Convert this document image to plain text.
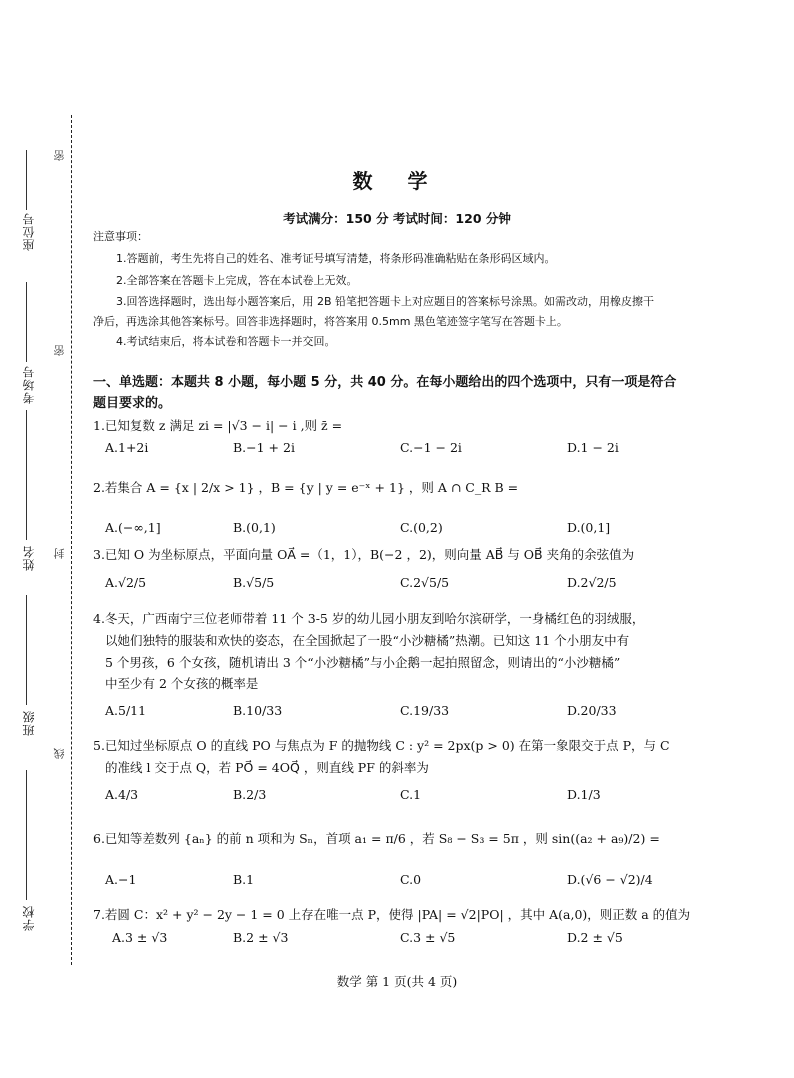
座位号
考场号
姓名
班级
学校
密
密
封
线
数 学
考试满分：150 分 考试时间：120 分钟
注意事项：
1.答题前，考生先将自己的姓名、准考证号填写清楚，将条形码准确粘贴在条形码区域内。
2.全部答案在答题卡上完成，答在本试卷上无效。
3.回答选择题时，选出每小题答案后，用 2B 铅笔把答题卡上对应题目的答案标号涂黑。如需改动，用橡皮擦干
净后，再选涂其他答案标号。回答非选择题时，将答案用 0.5mm 黑色笔迹签字笔写在答题卡上。
4.考试结束后，将本试卷和答题卡一并交回。
一、单选题：本题共 8 小题，每小题 5 分，共 40 分。在每小题给出的四个选项中，只有一项是符合
题目要求的。
1.已知复数 z 满足 zi = |√3 − i| − i ,则 z̄ =
A.1+2i	B.−1 + 2i	C.−1 − 2i	D.1 − 2i
2.若集合 A = {x | 2/x > 1} ，B = {y | y = e⁻ˣ + 1} ，则 A ∩ C_R B =
A.(−∞,1]	B.(0,1)	C.(0,2)	D.(0,1]
3.已知 O 为坐标原点，平面向量 OA⃗ =（1，1），B(−2 ，2)，则向量 AB⃗ 与 OB⃗ 夹角的余弦值为
A.√2/5	B.√5/5	C.2√5/5	D.2√2/5
4.冬天，广西南宁三位老师带着 11 个 3-5 岁的幼儿园小朋友到哈尔滨研学，一身橘红色的羽绒服，
以她们独特的服装和欢快的姿态，在全国掀起了一股“小沙糖橘”热潮。已知这 11 个小朋友中有
5 个男孩，6 个女孩，随机请出 3 个“小沙糖橘”与小企鹅一起拍照留念，则请出的“小沙糖橘”
中至少有 2 个女孩的概率是
A.5/11	B.10/33	C.19/33	D.20/33
5.已知过坐标原点 O 的直线 PO 与焦点为 F 的抛物线 C : y² = 2px(p > 0) 在第一象限交于点 P，与 C
的准线 l 交于点 Q，若 PO⃗ = 4OQ⃗ ，则直线 PF 的斜率为
A.4/3	B.2/3	C.1	D.1/3
6.已知等差数列 {aₙ} 的前 n 项和为 Sₙ，首项 a₁ = π/6 ，若 S₈ − S₃ = 5π ，则 sin((a₂ + a₉)/2) =
A.−1	B.1	C.0	D.(√6 − √2)/4
7.若圆 C：x² + y² − 2y − 1 = 0 上存在唯一点 P，使得 |PA| = √2|PO| ，其中 A(a,0)，则正数 a 的值为
A.3 ± √3	B.2 ± √3	C.3 ± √5	D.2 ± √5
数学 第 1 页(共 4 页)
